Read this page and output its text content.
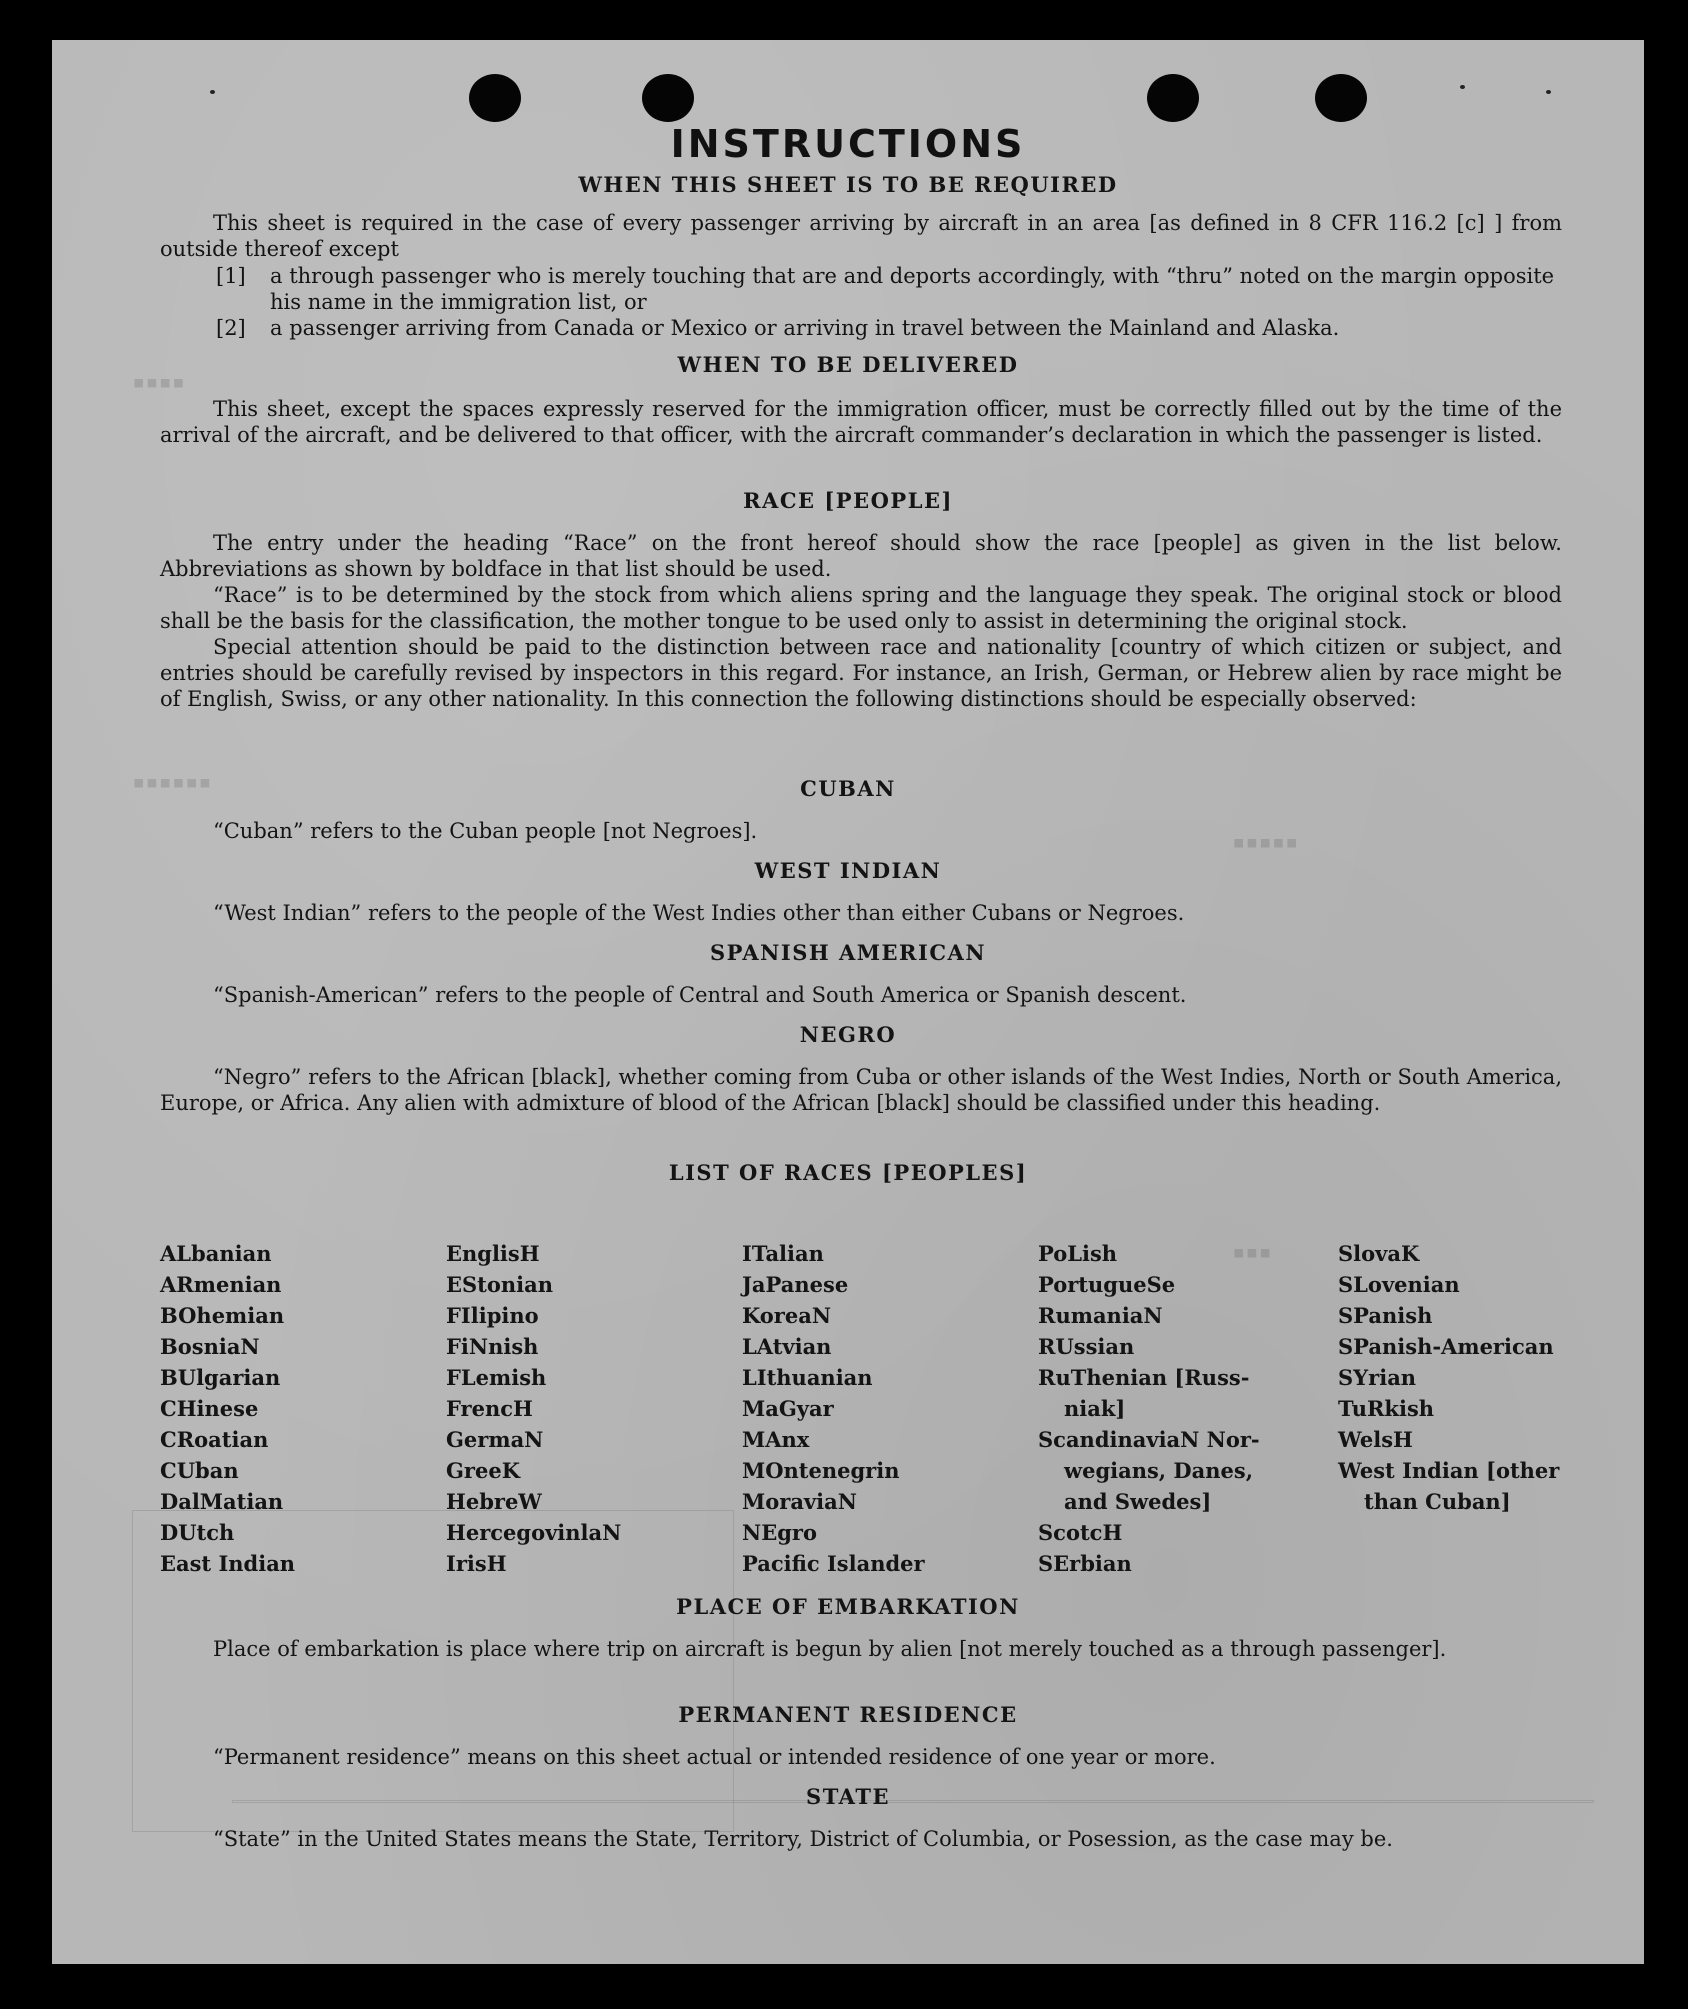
▪▪▪▪
▪▪▪▪▪▪
▪▪▪▪▪
▪▪▪
INSTRUCTIONS
WHEN THIS SHEET IS TO BE REQUIRED

This sheet is required in the case of every passenger arriving by aircraft in an area [as defined in 8 CFR 116.2 [c] ] from outside thereof except

[1] a through passenger who is merely touching that are and deports accordingly, with “thru” noted on the margin opposite his name in the immigration list, or
[2] a passenger arriving from Canada or Mexico or arriving in travel between the Mainland and Alaska.
WHEN TO BE DELIVERED

This sheet, except the spaces expressly reserved for the immigration officer, must be correctly filled out by the time of the arrival of the aircraft, and be delivered to that officer, with the aircraft commander’s declaration in which the passenger is listed.

RACE [PEOPLE]

The entry under the heading “Race” on the front hereof should show the race [people] as given in the list below. Abbreviations as shown by boldface in that list should be used.

“Race” is to be determined by the stock from which aliens spring and the language they speak. The original stock or blood shall be the basis for the classification, the mother tongue to be used only to assist in determining the original stock.

Special attention should be paid to the distinction between race and nationality [country of which citizen or subject, and entries should be carefully revised by inspectors in this regard. For instance, an Irish, German, or Hebrew alien by race might be of English, Swiss, or any other nationality. In this connection the following distinctions should be especially observed:

CUBAN

“Cuban” refers to the Cuban people [not Negroes].

WEST INDIAN

“West Indian” refers to the people of the West Indies other than either Cubans or Negroes.

SPANISH AMERICAN

“Spanish-American” refers to the people of Central and South America or Spanish descent.

NEGRO

“Negro” refers to the African [black], whether coming from Cuba or other islands of the West Indies, North or South America, Europe, or Africa. Any alien with admixture of blood of the African [black] should be classified under this heading.

LIST OF RACES [PEOPLES]
ALbanian
ARmenian
BOhemian
BosniaN
BUlgarian
CHinese
CRoatian
CUban
DalMatian
DUtch
East Indian
EnglisH
EStonian
FIlipino
FiNnish
FLemish
FrencH
GermaN
GreeK
HebreW
HercegovinlaN
IrisH
ITalian
JaPanese
KoreaN
LAtvian
LIthuanian
MaGyar
MAnx
MOntenegrin
MoraviaN
NEgro
Pacific Islander
PoLish
PortugueSe
RumaniaN
RUssian
RuThenian [Russ-
niak]
ScandinaviaN Nor-
wegians, Danes,
and Swedes]
ScotcH
SErbian
SlovaK
SLovenian
SPanish
SPanish-American
SYrian
TuRkish
WelsH
West Indian [other
than Cuban]
PLACE OF EMBARKATION

Place of embarkation is place where trip on aircraft is begun by alien [not merely touched as a through passenger].

PERMANENT RESIDENCE

“Permanent residence” means on this sheet actual or intended residence of one year or more.

STATE

“State” in the United States means the State, Territory, District of Columbia, or Posession, as the case may be.
